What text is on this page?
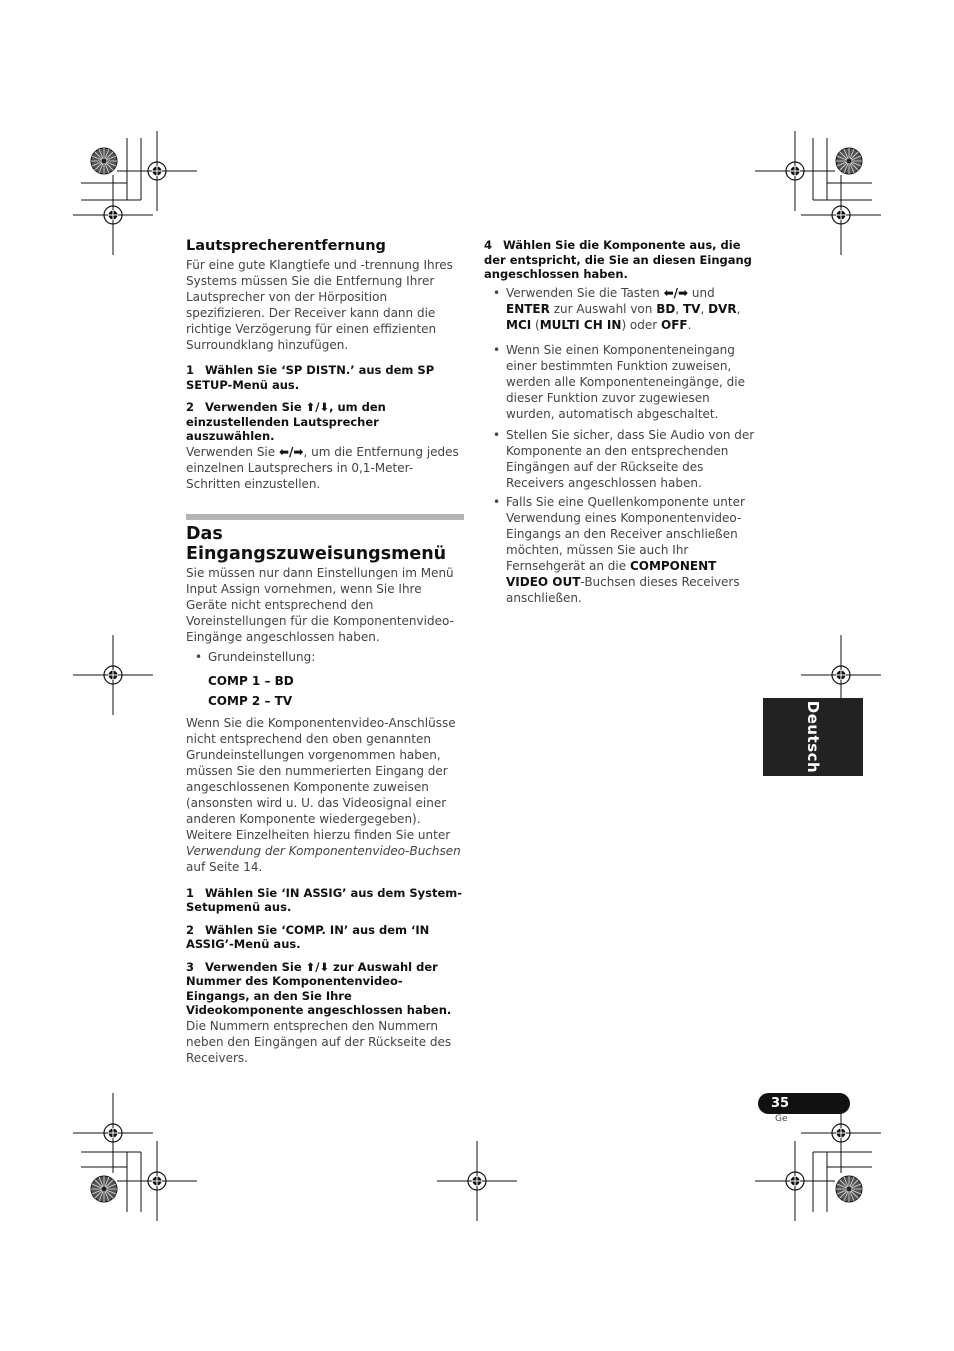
Lautsprecherentfernung

Für eine gute Klangtiefe und -trennung Ihres Systems müssen Sie die Entfernung Ihrer Lautsprecher von der Hörposition spezifizieren. Der Receiver kann dann die richtige Verzögerung für einen effizienten Surroundklang hinzufügen.

1 Wählen Sie ‘SP DISTN.’ aus dem SP SETUP-Menü aus.
2 Verwenden Sie ⬆/⬇, um den einzustellenden Lautsprecher auszuwählen.

Verwenden Sie ⬅/➡, um die Entfernung jedes einzelnen Lautsprechers in 0,1-Meter-Schritten einzustellen.

Das Eingangszuweisungsmenü

Sie müssen nur dann Einstellungen im Menü Input Assign vornehmen, wenn Sie Ihre Geräte nicht entsprechend den Voreinstellungen für die Komponentenvideo-Eingänge angeschlossen haben.

• Grundeinstellung:
COMP 1 – BD
COMP 2 – TV

Wenn Sie die Komponentenvideo-Anschlüsse nicht entsprechend den oben genannten Grundeinstellungen vorgenommen haben, müssen Sie den nummerierten Eingang der angeschlossenen Komponente zuweisen (ansonsten wird u. U. das Videosignal einer anderen Komponente wiedergegeben). Weitere Einzelheiten hierzu finden Sie unter Verwendung der Komponentenvideo-Buchsen auf Seite 14.

1 Wählen Sie ‘IN ASSIG’ aus dem System-Setupmenü aus.
2 Wählen Sie ‘COMP. IN’ aus dem ‘IN ASSIG’-Menü aus.
3 Verwenden Sie ⬆/⬇ zur Auswahl der Nummer des Komponentenvideo-Eingangs, an den Sie Ihre Videokomponente angeschlossen haben.

Die Nummern entsprechen den Nummern neben den Eingängen auf der Rückseite des Receivers.

4 Wählen Sie die Komponente aus, die der entspricht, die Sie an diesen Eingang angeschlossen haben.
• Verwenden Sie die Tasten ⬅/➡ und ENTER zur Auswahl von BD, TV, DVR, MCI (MULTI CH IN) oder OFF.
• Wenn Sie einen Komponenteneingang einer bestimmten Funktion zuweisen, werden alle Komponenteneingänge, die dieser Funktion zuvor zugewiesen wurden, automatisch abgeschaltet.
• Stellen Sie sicher, dass Sie Audio von der Komponente an den entsprechenden Eingängen auf der Rückseite des Receivers angeschlossen haben.
• Falls Sie eine Quellenkomponente unter Verwendung eines Komponentenvideo-Eingangs an den Receiver anschließen möchten, müssen Sie auch Ihr Fernsehgerät an die COMPONENT VIDEO OUT-Buchsen dieses Receivers anschließen.
Deutsch
35
Ge
